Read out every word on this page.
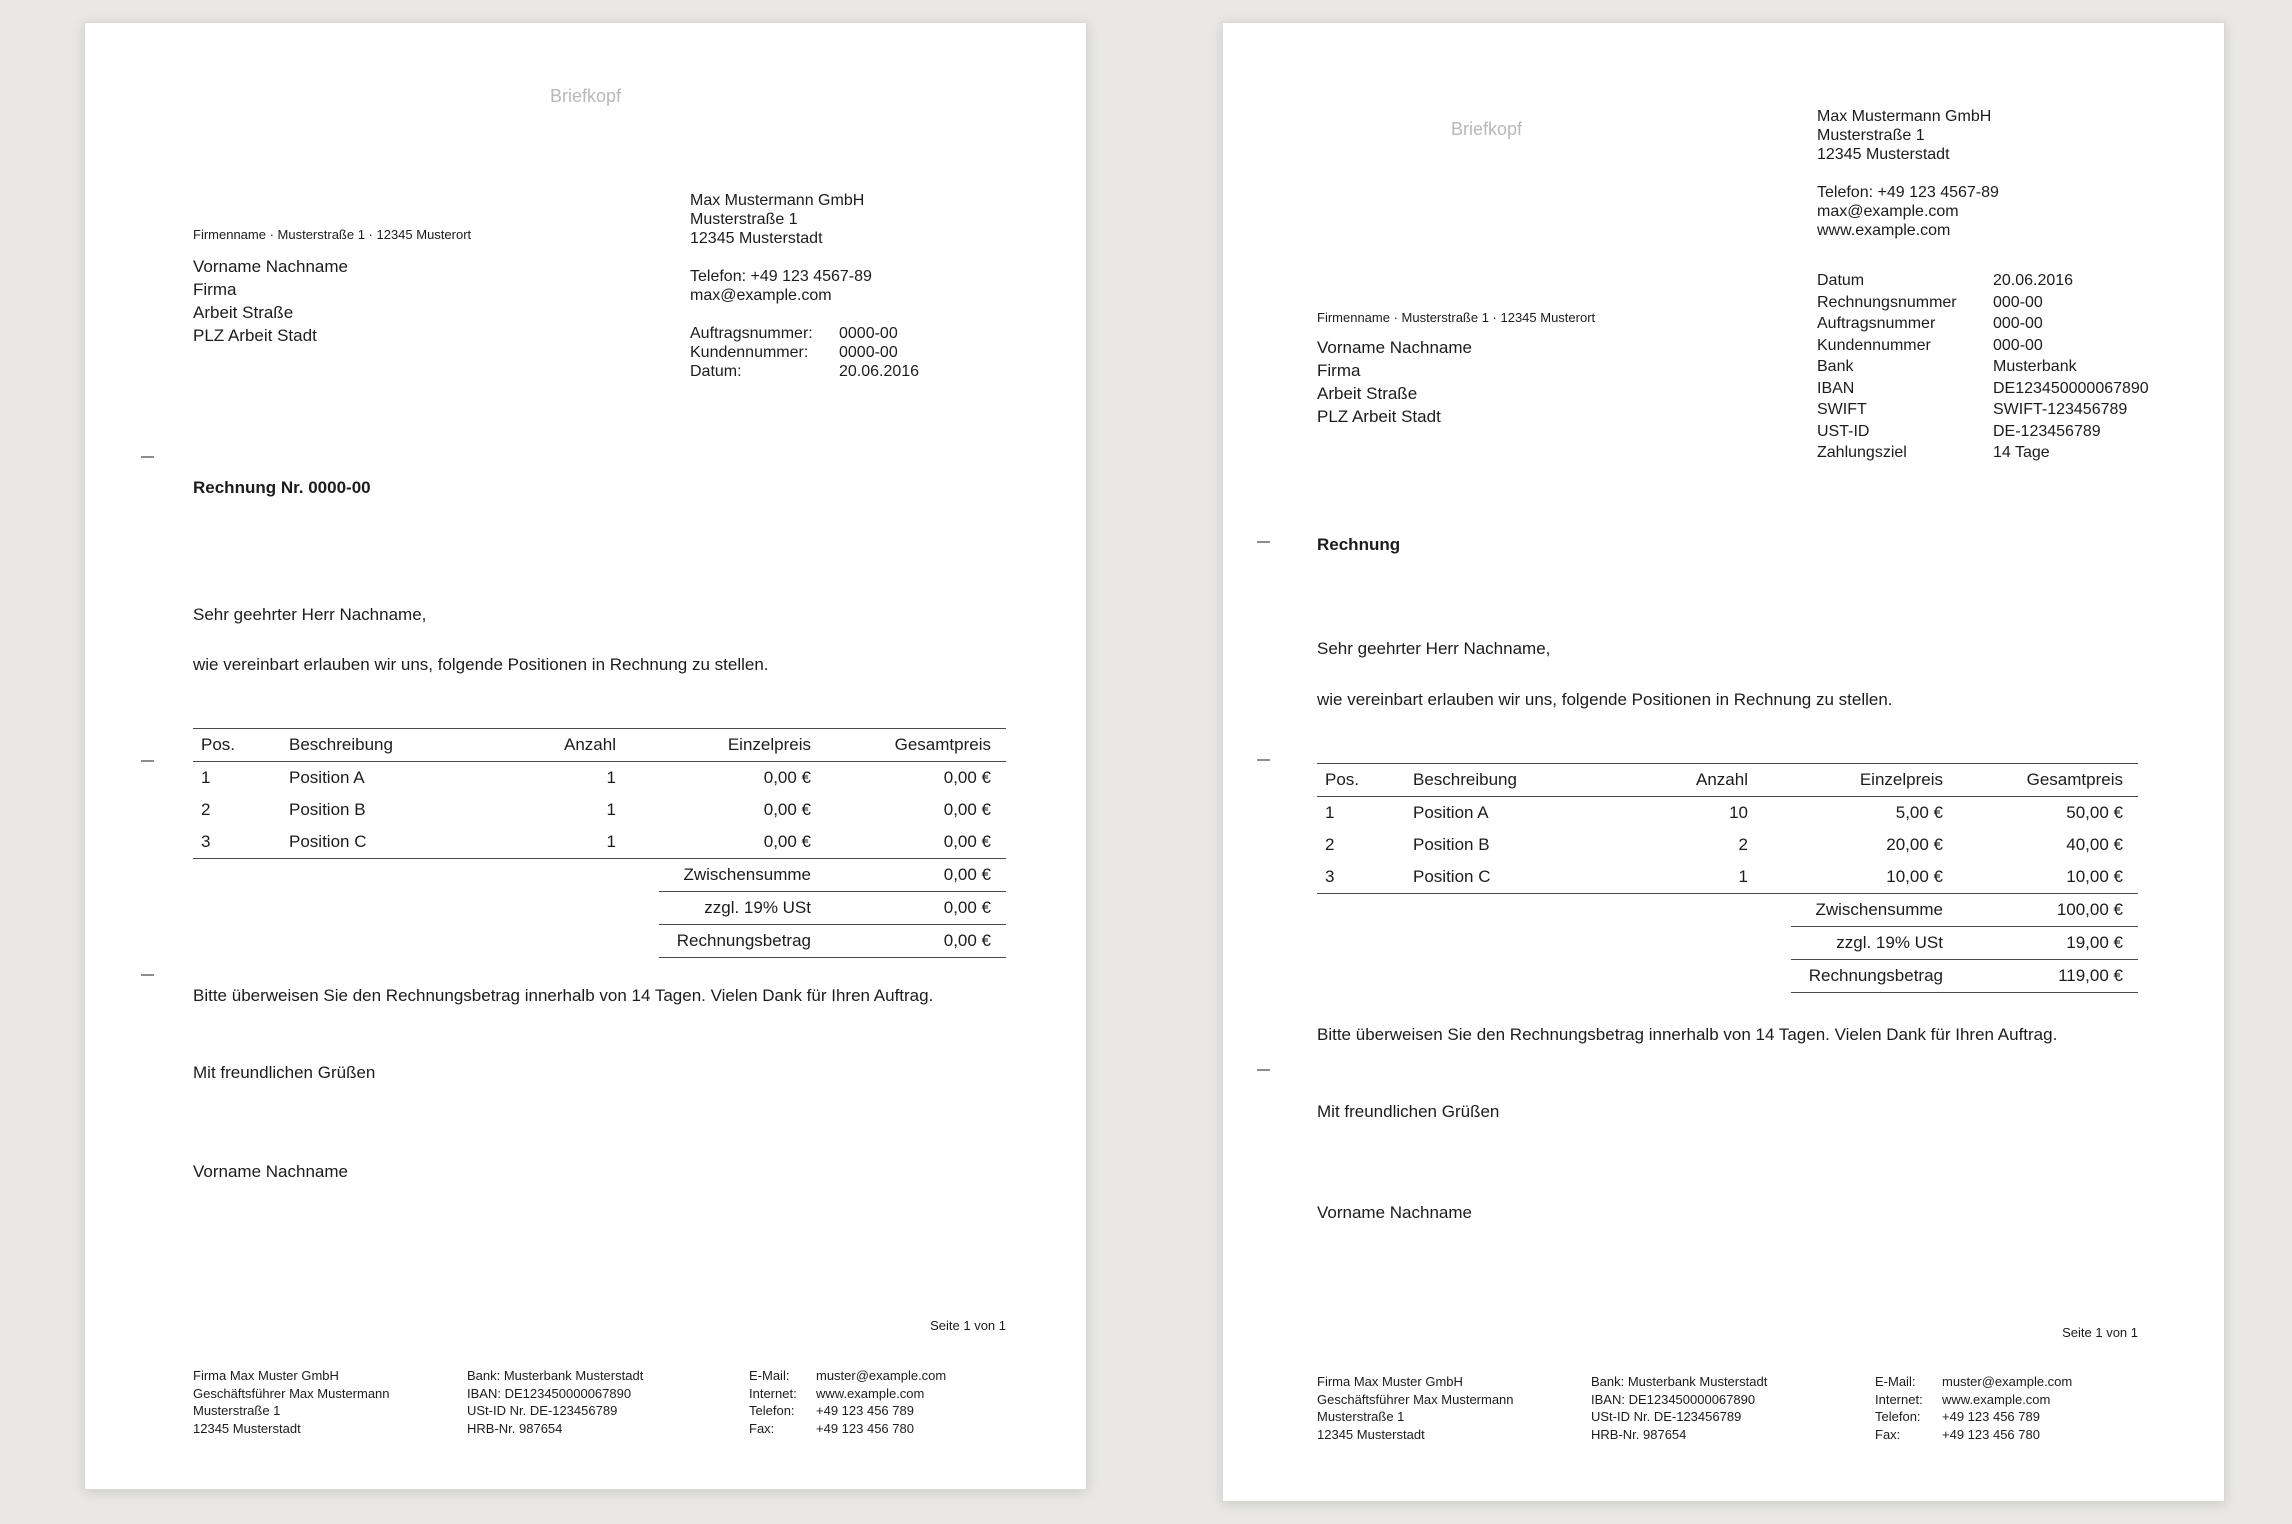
Briefkopf
Max Mustermann GmbH
Musterstraße 1
12345 Musterstadt
Telefon: +49 123 4567-89
max@example.com
Auftragsnummer:	0000-00
Kundennummer:	0000-00
Datum:	20.06.2016
Firmenname · Musterstraße 1 · 12345 Musterort
Vorname Nachname
Firma
Arbeit Straße
PLZ Arbeit Stadt
Rechnung Nr. 0000-00
Sehr geehrter Herr Nachname,
wie vereinbart erlauben wir uns, folgende Positionen in Rechnung zu stellen.
Pos.	Beschreibung	Anzahl	Einzelpreis	Gesamtpreis
1	Position A	1	0,00 €	0,00 €
2	Position B	1	0,00 €	0,00 €
3	Position C	1	0,00 €	0,00 €
Zwischensumme	0,00 €
zzgl. 19% USt	0,00 €
Rechnungsbetrag	0,00 €
Bitte überweisen Sie den Rechnungsbetrag innerhalb von 14 Tagen. Vielen Dank für Ihren Auftrag.
Mit freundlichen Grüßen
Vorname Nachname
Seite 1 von 1
Firma Max Muster GmbH
Geschäftsführer Max Mustermann
Musterstraße 1
12345 Musterstadt
Bank: Musterbank Musterstadt
IBAN: DE123450000067890
USt-ID Nr. DE-123456789
HRB-Nr. 987654
E-Mail:	muster@example.com
Internet:	www.example.com
Telefon:	+49 123 456 789
Fax:	+49 123 456 780
Briefkopf
Max Mustermann GmbH
Musterstraße 1
12345 Musterstadt
Telefon: +49 123 4567-89
max@example.com
www.example.com
Datum	20.06.2016
Rechnungsnummer	000-00
Auftragsnummer	000-00
Kundennummer	000-00
Bank	Musterbank
IBAN	DE123450000067890
SWIFT	SWIFT-123456789
UST-ID	DE-123456789
Zahlungsziel	14 Tage
Firmenname · Musterstraße 1 · 12345 Musterort
Vorname Nachname
Firma
Arbeit Straße
PLZ Arbeit Stadt
Rechnung
Sehr geehrter Herr Nachname,
wie vereinbart erlauben wir uns, folgende Positionen in Rechnung zu stellen.
Pos.	Beschreibung	Anzahl	Einzelpreis	Gesamtpreis
1	Position A	10	5,00 €	50,00 €
2	Position B	2	20,00 €	40,00 €
3	Position C	1	10,00 €	10,00 €
Zwischensumme	100,00 €
zzgl. 19% USt	19,00 €
Rechnungsbetrag	119,00 €
Bitte überweisen Sie den Rechnungsbetrag innerhalb von 14 Tagen. Vielen Dank für Ihren Auftrag.
Mit freundlichen Grüßen
Vorname Nachname
Seite 1 von 1
Firma Max Muster GmbH
Geschäftsführer Max Mustermann
Musterstraße 1
12345 Musterstadt
Bank: Musterbank Musterstadt
IBAN: DE123450000067890
USt-ID Nr. DE-123456789
HRB-Nr. 987654
E-Mail:	muster@example.com
Internet:	www.example.com
Telefon:	+49 123 456 789
Fax:	+49 123 456 780
